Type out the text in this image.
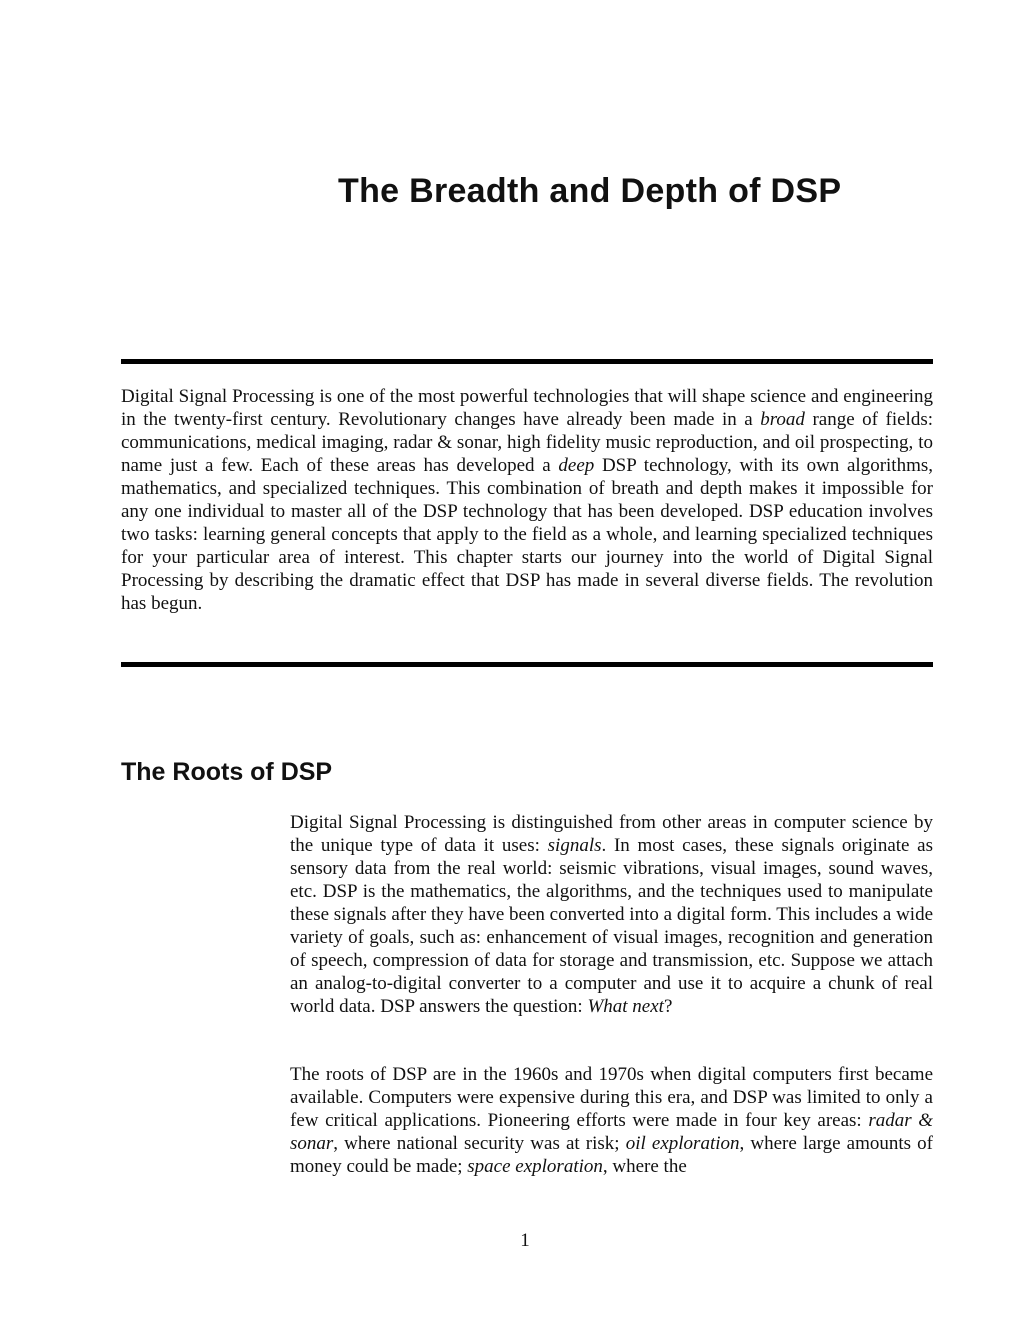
The Breadth and Depth of DSP

Digital Signal Processing is one of the most powerful technologies that will shape science and engineering in the twenty-first century. Revolutionary changes have already been made in a broad range of fields: communications, medical imaging, radar & sonar, high fidelity music reproduction, and oil prospecting, to name just a few. Each of these areas has developed a deep DSP technology, with its own algorithms, mathematics, and specialized techniques. This combination of breath and depth makes it impossible for any one individual to master all of the DSP technology that has been developed. DSP education involves two tasks: learning general concepts that apply to the field as a whole, and learning specialized techniques for your particular area of interest. This chapter starts our journey into the world of Digital Signal Processing by describing the dramatic effect that DSP has made in several diverse fields. The revolution has begun.

The Roots of DSP

Digital Signal Processing is distinguished from other areas in computer science by the unique type of data it uses: signals. In most cases, these signals originate as sensory data from the real world: seismic vibrations, visual images, sound waves, etc. DSP is the mathematics, the algorithms, and the techniques used to manipulate these signals after they have been converted into a digital form. This includes a wide variety of goals, such as: enhancement of visual images, recognition and generation of speech, compression of data for storage and transmission, etc. Suppose we attach an analog-to-digital converter to a computer and use it to acquire a chunk of real world data. DSP answers the question: What next?

The roots of DSP are in the 1960s and 1970s when digital computers first became available. Computers were expensive during this era, and DSP was limited to only a few critical applications. Pioneering efforts were made in four key areas: radar & sonar, where national security was at risk; oil exploration, where large amounts of money could be made; space exploration, where the

1
